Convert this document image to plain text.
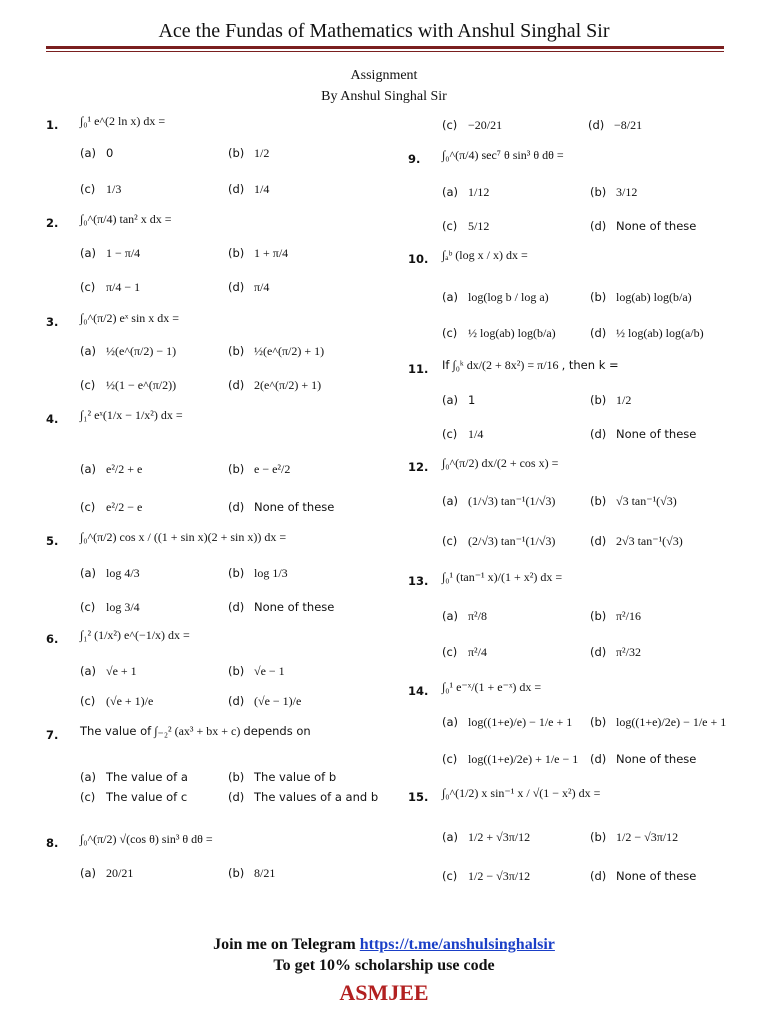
Ace the Fundas of Mathematics with Anshul Singhal Sir
Assignment
By Anshul Singhal Sir
1.	∫₀¹ e^(2 ln x) dx =
(a) 0	(b) 1/2
(c) 1/3	(d) 1/4
2.	∫₀^(π/4) tan² x dx =
(a) 1 − π/4	(b) 1 + π/4
(c) π/4 − 1	(d) π/4
3.	∫₀^(π/2) eˣ sin x dx =
(a) ½(e^(π/2) − 1)	(b) ½(e^(π/2) + 1)
(c) ½(1 − e^(π/2))	(d) 2(e^(π/2) + 1)
4.	∫₁² eˣ(1/x − 1/x²) dx =
(a) e²/2 + e	(b) e − e²/2
(c) e²/2 − e	(d) None of these
5.	∫₀^(π/2) cos x / ((1 + sin x)(2 + sin x)) dx =
(a) log 4/3	(b) log 1/3
(c) log 3/4	(d) None of these
6.	∫₁² (1/x²) e^(−1/x) dx =
(a) √e + 1	(b) √e − 1
(c) (√e + 1)/e	(d) (√e − 1)/e
7.	The value of ∫₋₂² (ax³ + bx + c) depends on
(a) The value of a	(b) The value of b
(c) The value of c	(d) The values of a and b
8.	∫₀^(π/2) √(cos θ) sin³ θ dθ =
(a) 20/21	(b) 8/21
(c) −20/21	(d) −8/21
9.	∫₀^(π/4) sec⁷ θ sin³ θ dθ =
(a) 1/12	(b) 3/12
(c) 5/12	(d) None of these
10.	∫ₐᵇ (log x / x) dx =
(a) log(log b / log a)	(b) log(ab) log(b/a)
(c) ½ log(ab) log(b/a)	(d) ½ log(ab) log(a/b)
11.	If ∫₀ᵏ dx/(2 + 8x²) = π/16 , then k =
(a) 1	(b) 1/2
(c) 1/4	(d) None of these
12.	∫₀^(π/2) dx/(2 + cos x) =
(a) (1/√3) tan⁻¹(1/√3)	(b) √3 tan⁻¹(√3)
(c) (2/√3) tan⁻¹(1/√3)	(d) 2√3 tan⁻¹(√3)
13.	∫₀¹ (tan⁻¹ x)/(1 + x²) dx =
(a) π²/8	(b) π²/16
(c) π²/4	(d) π²/32
14.	∫₀¹ e⁻ˣ/(1 + e⁻ˣ) dx =
(a) log((1+e)/e) − 1/e + 1 (b) log((1+e)/2e) − 1/e + 1
(c) log((1+e)/2e) + 1/e − 1 (d) None of these
15.	∫₀^(1/2) x sin⁻¹ x / √(1 − x²) dx =
(a) 1/2 + √3π/12	(b) 1/2 − √3π/12
(c) 1/2 − √3π/12	(d) None of these
Join me on Telegram https://t.me/anshulsinghalsir
To get 10% scholarship use code
ASMJEE
